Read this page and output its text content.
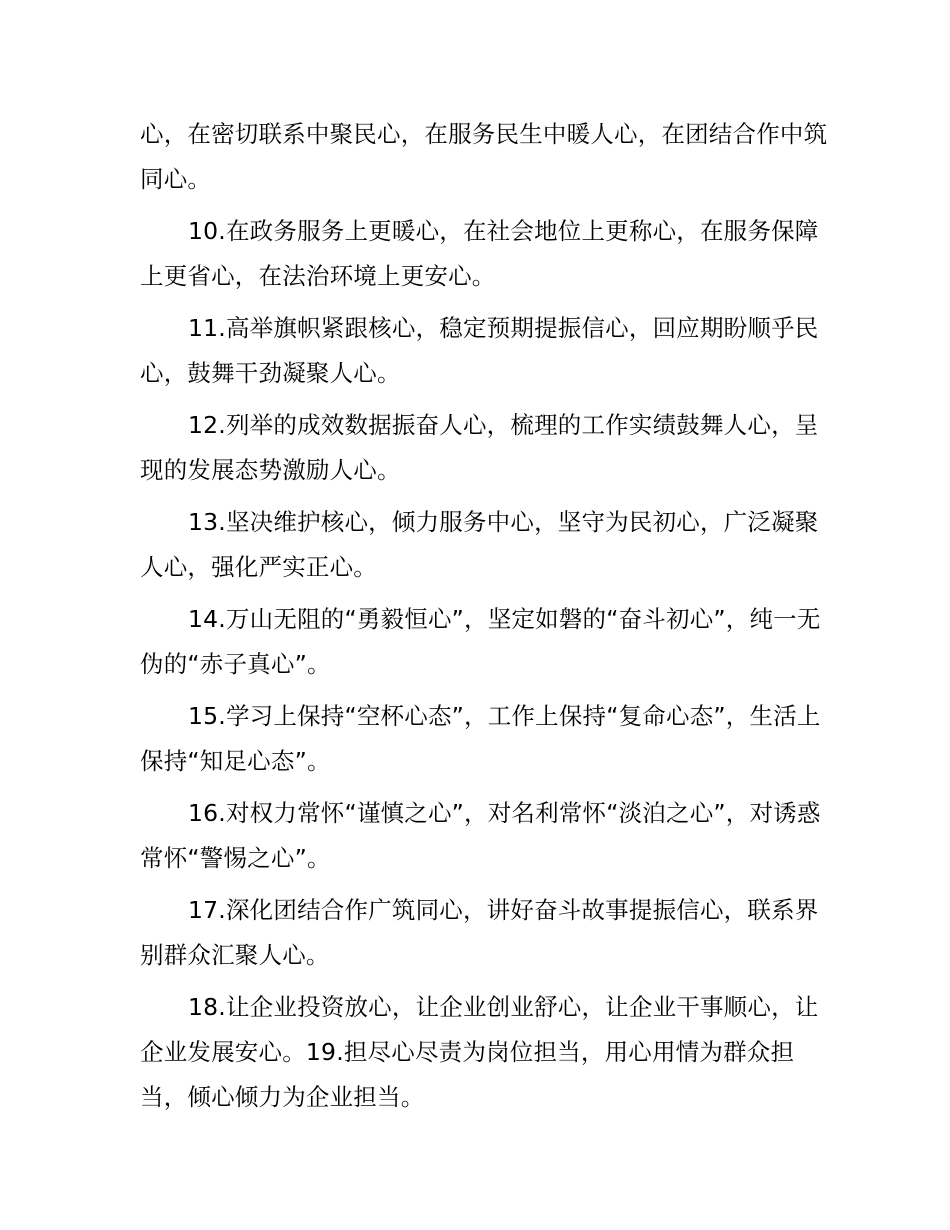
心，在密切联系中聚民心，在服务民生中暖人心，在团结合作中筑同心。

10.在政务服务上更暖心，在社会地位上更称心，在服务保障上更省心，在法治环境上更安心。

11.高举旗帜紧跟核心，稳定预期提振信心，回应期盼顺乎民心，鼓舞干劲凝聚人心。

12.列举的成效数据振奋人心，梳理的工作实绩鼓舞人心，呈现的发展态势激励人心。

13.坚决维护核心，倾力服务中心，坚守为民初心，广泛凝聚人心，强化严实正心。

14.万山无阻的“勇毅恒心”，坚定如磐的“奋斗初心”，纯一无伪的“赤子真心”。

15.学习上保持“空杯心态”，工作上保持“复命心态”，生活上保持“知足心态”。

16.对权力常怀“谨慎之心”，对名利常怀“淡泊之心”，对诱惑常怀“警惕之心”。

17.深化团结合作广筑同心，讲好奋斗故事提振信心，联系界别群众汇聚人心。

18.让企业投资放心，让企业创业舒心，让企业干事顺心，让企业发展安心。19.担尽心尽责为岗位担当，用心用情为群众担当，倾心倾力为企业担当。
